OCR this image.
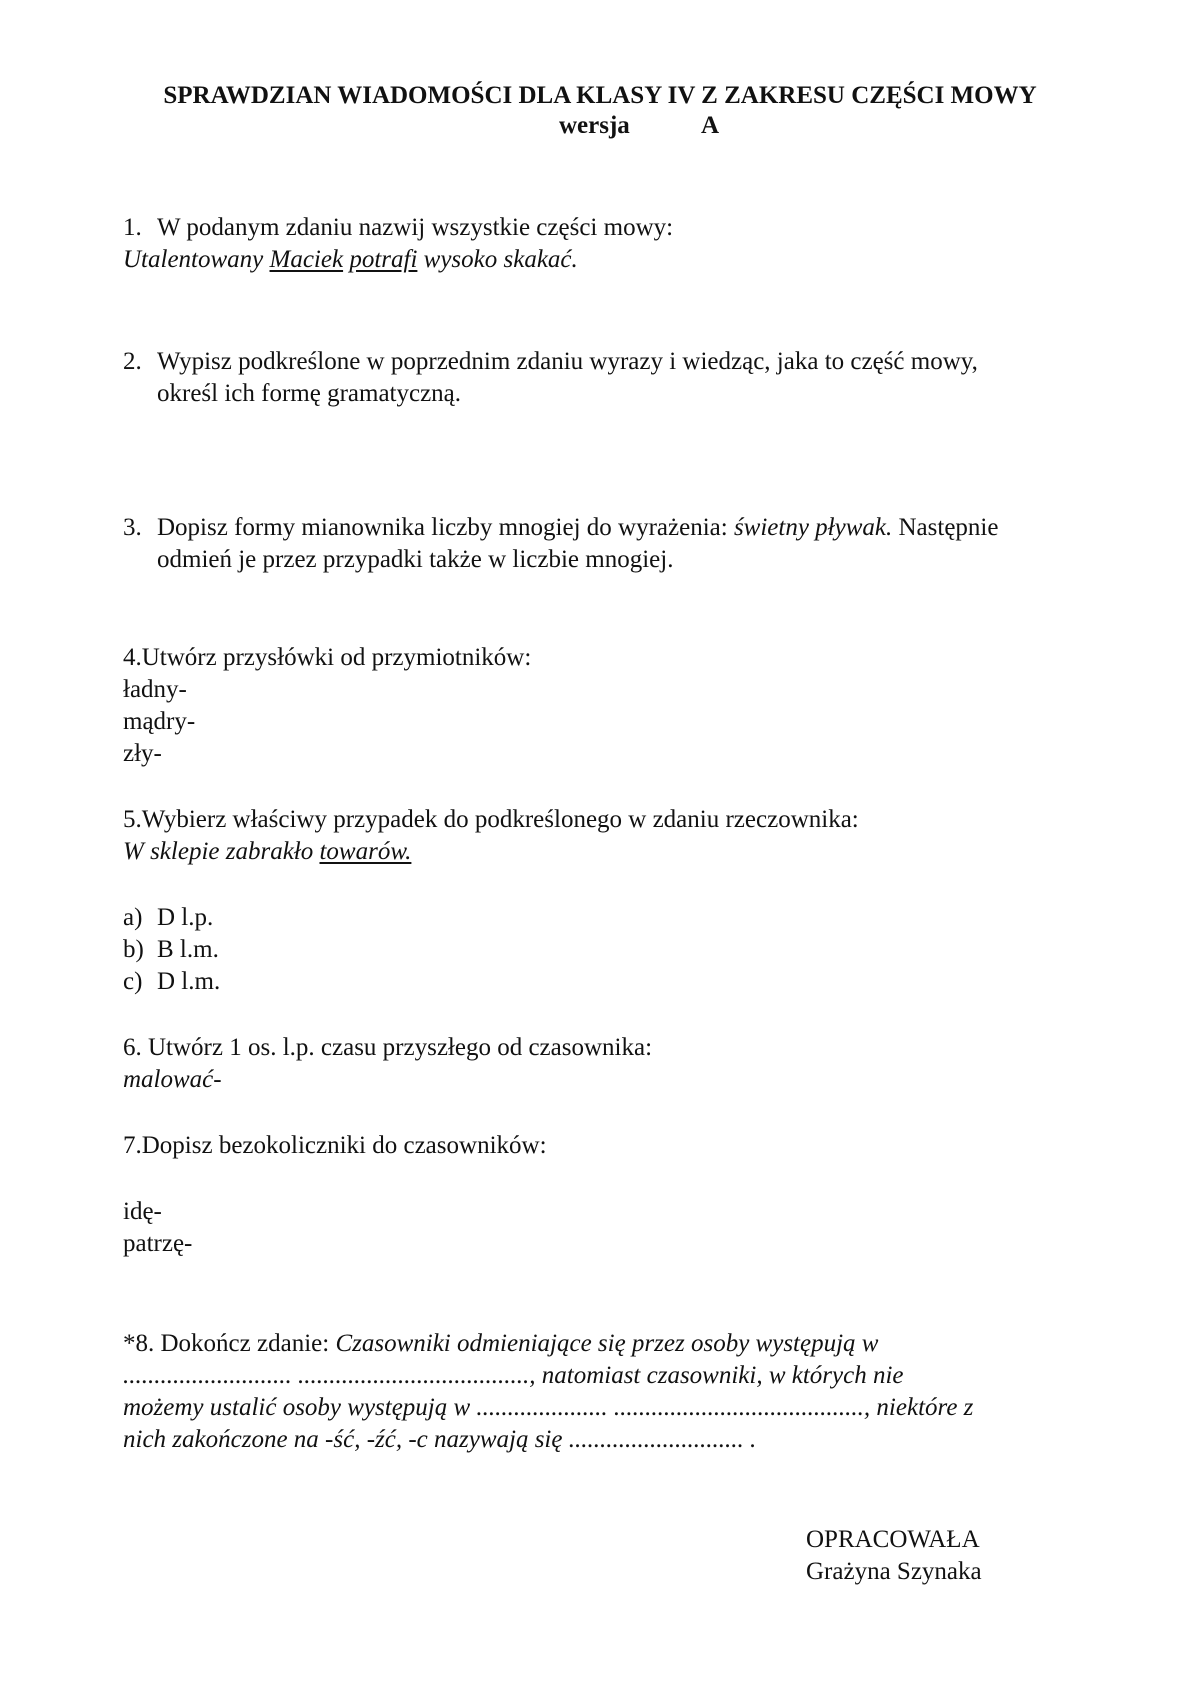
SPRAWDZIAN WIADOMOŚCI DLA KLASY IV Z ZAKRESU CZĘŚCI MOWY
wersja	A
1. W podanym zdaniu nazwij wszystkie części mowy:
Utalentowany Maciek potrafi wysoko skakać.
2. Wypisz podkreślone w poprzednim zdaniu wyrazy i wiedząc, jaka to część mowy,
określ ich formę gramatyczną.
3. Dopisz formy mianownika liczby mnogiej do wyrażenia: świetny pływak. Następnie
odmień je przez przypadki także w liczbie mnogiej.
4.Utwórz przysłówki od przymiotników:
ładny-
mądry-
zły-
5.Wybierz właściwy przypadek do podkreślonego w zdaniu rzeczownika:
W sklepie zabrakło towarów.
a) D l.p.
b) B l.m.
c) D l.m.
6. Utwórz 1 os. l.p. czasu przyszłego od czasownika:
malować-
7.Dopisz bezokoliczniki do czasowników:
idę-
patrzę-
*8. Dokończ zdanie: Czasowniki odmieniające się przez osoby występują w
........................... ....................................., natomiast czasowniki, w których nie
możemy ustalić osoby występują w ..................... ........................................, niektóre z
nich zakończone na -ść, -źć, -c nazywają się ............................ .
OPRACOWAŁA
Grażyna Szynaka
